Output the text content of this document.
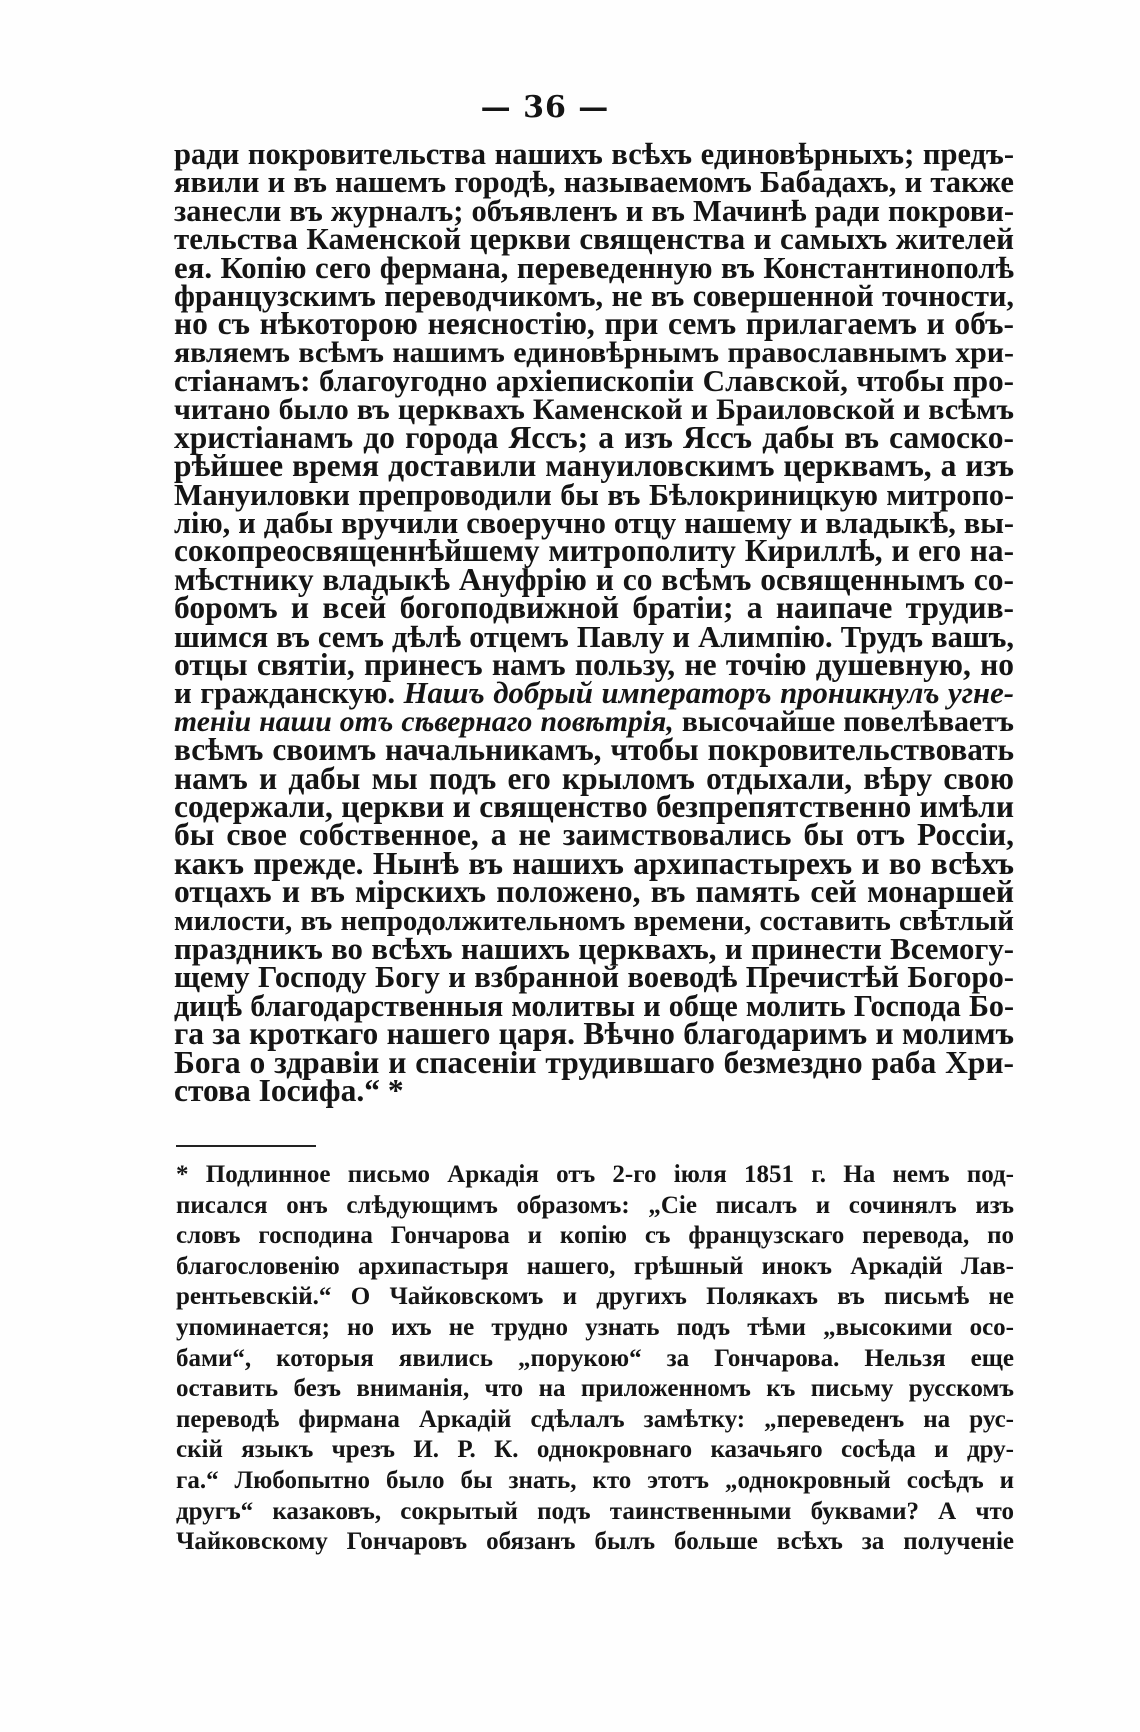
— 36 —
ради покровительства нашихъ всѣхъ единовѣрныхъ; предъ-
явили и въ нашемъ городѣ, называемомъ Бабадахъ, и также
занесли въ журналъ; объявленъ и въ Мачинѣ ради покрови-
тельства Каменской церкви священства и самыхъ жителей
ея. Копію сего фермана, переведенную въ Константинополѣ
французскимъ переводчикомъ, не въ совершенной точности,
но съ нѣкоторою неясностію, при семъ прилагаемъ и объ-
являемъ всѣмъ нашимъ единовѣрнымъ православнымъ хри-
стіанамъ: благоугодно архіепископіи Славской, чтобы про-
читано было въ церквахъ Каменской и Браиловской и всѣмъ
христіанамъ до города Яссъ; а изъ Яссъ дабы въ самоско-
рѣйшее время доставили мануиловскимъ церквамъ, а изъ
Мануиловки препроводили бы въ Бѣлокриницкую митропо-
лію, и дабы вручили своеручно отцу нашему и владыкѣ, вы-
сокопреосвященнѣйшему митрополиту Кириллѣ, и его на-
мѣстнику владыкѣ Ануфрію и со всѣмъ освященнымъ со-
боромъ и всей богоподвижной братіи; а наипаче трудив-
шимся въ семъ дѣлѣ отцемъ Павлу и Алимпію. Трудъ вашъ,
отцы святіи, принесъ намъ пользу, не точію душевную, но
и гражданскую. Нашъ добрый императоръ проникнулъ угне-
теніи наши отъ сѣвернаго повѣтрія, высочайше повелѣваетъ
всѣмъ своимъ начальникамъ, чтобы покровительствовать
намъ и дабы мы подъ его крыломъ отдыхали, вѣру свою
содержали, церкви и священство безпрепятственно имѣли
бы свое собственное, а не заимствовались бы отъ Россіи,
какъ прежде. Нынѣ въ нашихъ архипастырехъ и во всѣхъ
отцахъ и въ мірскихъ положено, въ память сей монаршей
милости, въ непродолжительномъ времени, составить свѣтлый
праздникъ во всѣхъ нашихъ церквахъ, и принести Всемогу-
щему Господу Богу и взбранной воеводѣ Пречистѣй Богоро-
дицѣ благодарственныя молитвы и обще молить Господа Бо-
га за кроткаго нашего царя. Вѣчно благодаримъ и молимъ
Бога о здравіи и спасеніи трудившаго безмездно раба Хри-
стова Іосифа.“ *
* Подлинное письмо Аркадія отъ 2-го іюля 1851 г. На немъ под-
писался онъ слѣдующимъ образомъ: „Сіе писалъ и сочинялъ изъ
словъ господина Гончарова и копію съ французскаго перевода, по
благословенію архипастыря нашего, грѣшный инокъ Аркадій Лав-
рентьевскій.“ О Чайковскомъ и другихъ Полякахъ въ письмѣ не
упоминается; но ихъ не трудно узнать подъ тѣми „высокими осо-
бами“, которыя явились „порукою“ за Гончарова. Нельзя еще
оставить безъ вниманія, что на приложенномъ къ письму русскомъ
переводѣ фирмана Аркадій сдѣлалъ замѣтку: „переведенъ на рус-
скій языкъ чрезъ И. Р. К. однокровнаго казачьяго сосѣда и дру-
га.“ Любопытно было бы знать, кто этотъ „однокровный сосѣдъ и
другъ“ казаковъ, сокрытый подъ таинственными буквами? А что
Чайковскому Гончаровъ обязанъ былъ больше всѣхъ за полученіе
